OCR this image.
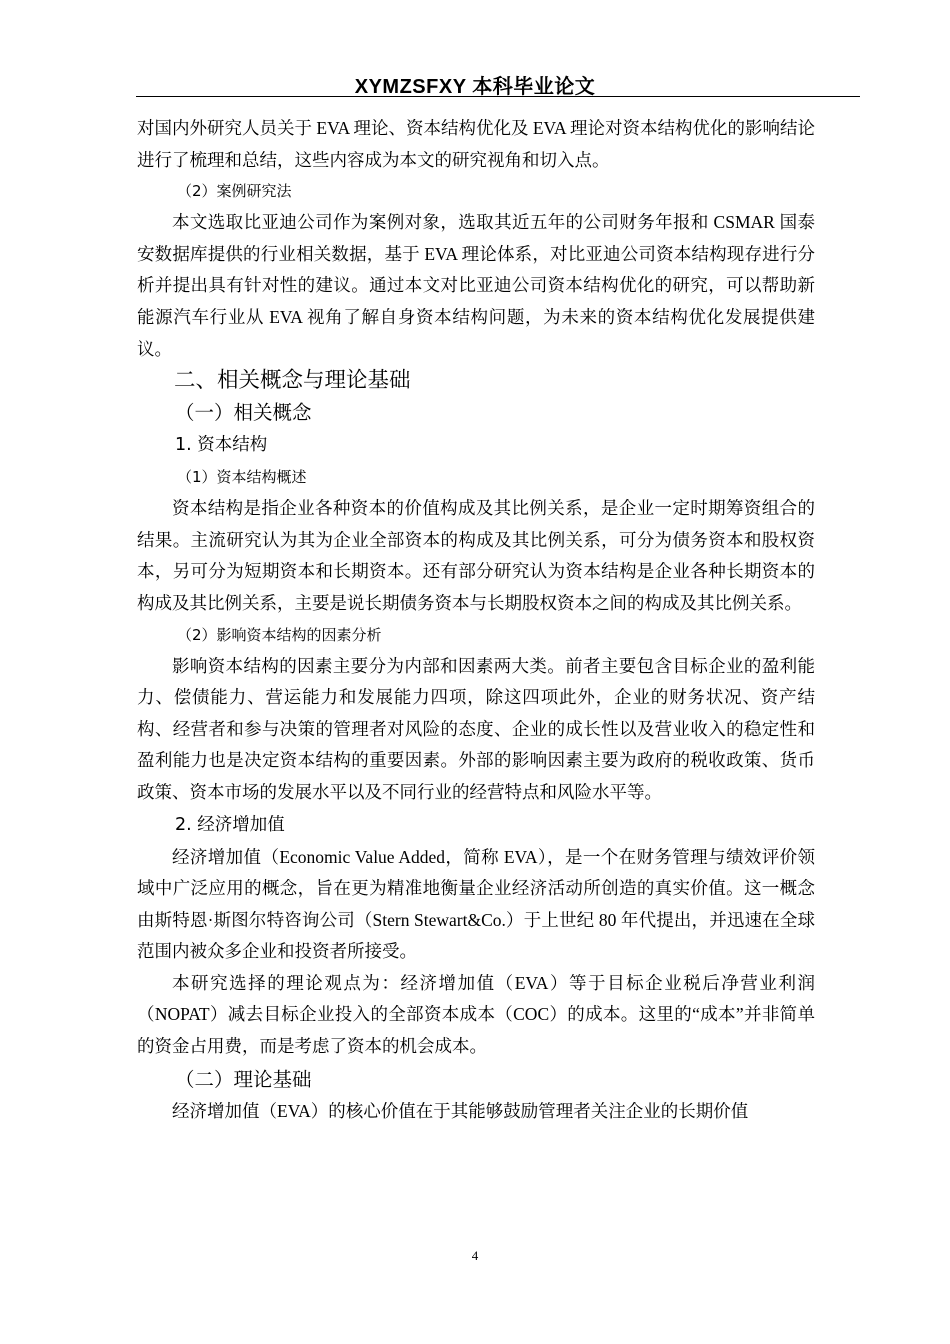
XYMZSFXY 本科毕业论文

对国内外研究人员关于 EVA 理论、资本结构优化及 EVA 理论对资本结构优化的影响结论进行了梳理和总结，这些内容成为本文的研究视角和切入点。

（2）案例研究法

本文选取比亚迪公司作为案例对象，选取其近五年的公司财务年报和 CSMAR 国泰安数据库提供的行业相关数据，基于 EVA 理论体系，对比亚迪公司资本结构现存进行分析并提出具有针对性的建议。通过本文对比亚迪公司资本结构优化的研究，可以帮助新能源汽车行业从 EVA 视角了解自身资本结构问题，为未来的资本结构优化发展提供建议。

二、相关概念与理论基础

（一）相关概念

1. 资本结构

（1）资本结构概述

资本结构是指企业各种资本的价值构成及其比例关系，是企业一定时期筹资组合的结果。主流研究认为其为企业全部资本的构成及其比例关系，可分为债务资本和股权资本，另可分为短期资本和长期资本。还有部分研究认为资本结构是企业各种长期资本的构成及其比例关系，主要是说长期债务资本与长期股权资本之间的构成及其比例关系。

（2）影响资本结构的因素分析

影响资本结构的因素主要分为内部和因素两大类。前者主要包含目标企业的盈利能力、偿债能力、营运能力和发展能力四项，除这四项此外，企业的财务状况、资产结构、经营者和参与决策的管理者对风险的态度、企业的成长性以及营业收入的稳定性和盈利能力也是决定资本结构的重要因素。外部的影响因素主要为政府的税收政策、货币政策、资本市场的发展水平以及不同行业的经营特点和风险水平等。

2. 经济增加值

经济增加值（Economic Value Added，简称 EVA），是一个在财务管理与绩效评价领域中广泛应用的概念，旨在更为精准地衡量企业经济活动所创造的真实价值。这一概念由斯特恩·斯图尔特咨询公司（Stern Stewart&Co.）于上世纪 80 年代提出，并迅速在全球范围内被众多企业和投资者所接受。

本研究选择的理论观点为：经济增加值（EVA）等于目标企业税后净营业利润（NOPAT）减去目标企业投入的全部资本成本（COC）的成本。这里的“成本”并非简单的资金占用费，而是考虑了资本的机会成本。

（二）理论基础

经济增加值（EVA）的核心价值在于其能够鼓励管理者关注企业的长期价值

4
